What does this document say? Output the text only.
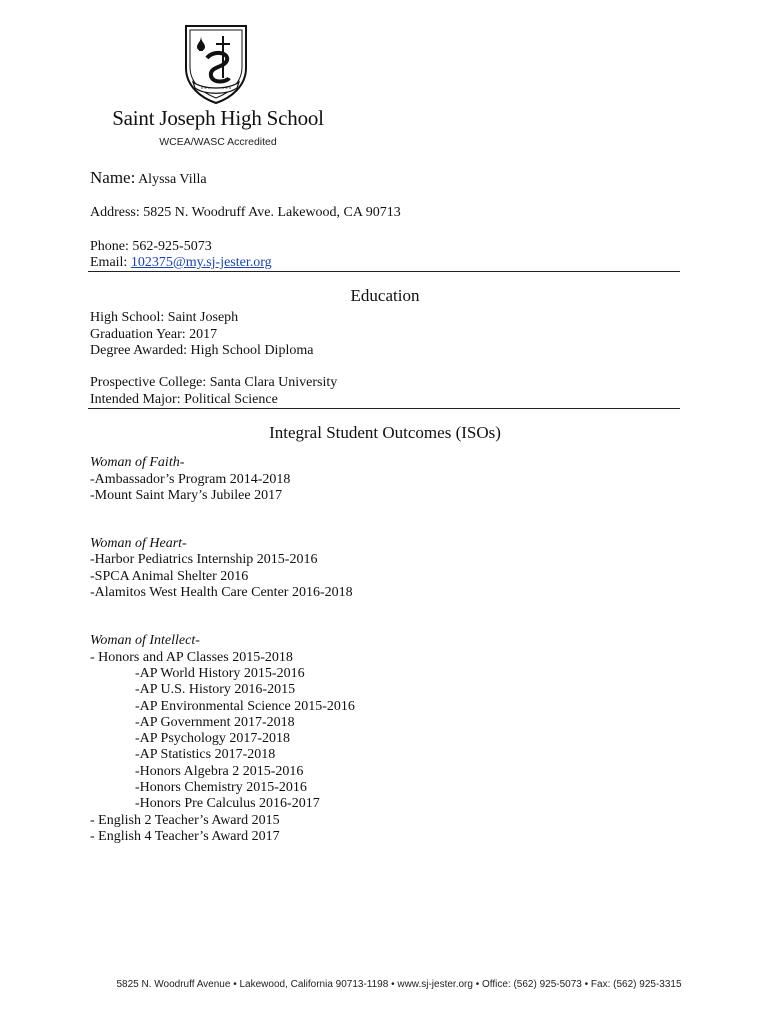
Saint Joseph High School
WCEA/WASC Accredited
Name: Alyssa Villa
Address: 5825 N. Woodruff Ave. Lakewood, CA 90713
Phone: 562-925-5073
Email: 102375@my.sj-jester.org
Education
High School: Saint Joseph
Graduation Year: 2017
Degree Awarded: High School Diploma
Prospective College: Santa Clara University
Intended Major: Political Science
Integral Student Outcomes (ISOs)
Woman of Faith-
-Ambassador’s Program 2014-2018
-Mount Saint Mary’s Jubilee 2017
Woman of Heart-
-Harbor Pediatrics Internship 2015-2016
-SPCA Animal Shelter 2016
-Alamitos West Health Care Center 2016-2018
Woman of Intellect-
- Honors and AP Classes 2015-2018
-AP World History 2015-2016
-AP U.S. History 2016-2015
-AP Environmental Science 2015-2016
-AP Government 2017-2018
-AP Psychology 2017-2018
-AP Statistics 2017-2018
-Honors Algebra 2 2015-2016
-Honors Chemistry 2015-2016
-Honors Pre Calculus 2016-2017
- English 2 Teacher’s Award 2015
- English 4 Teacher’s Award 2017
5825 N. Woodruff Avenue • Lakewood, California 90713-1198 • www.sj-jester.org • Office: (562) 925-5073 • Fax: (562) 925-3315
